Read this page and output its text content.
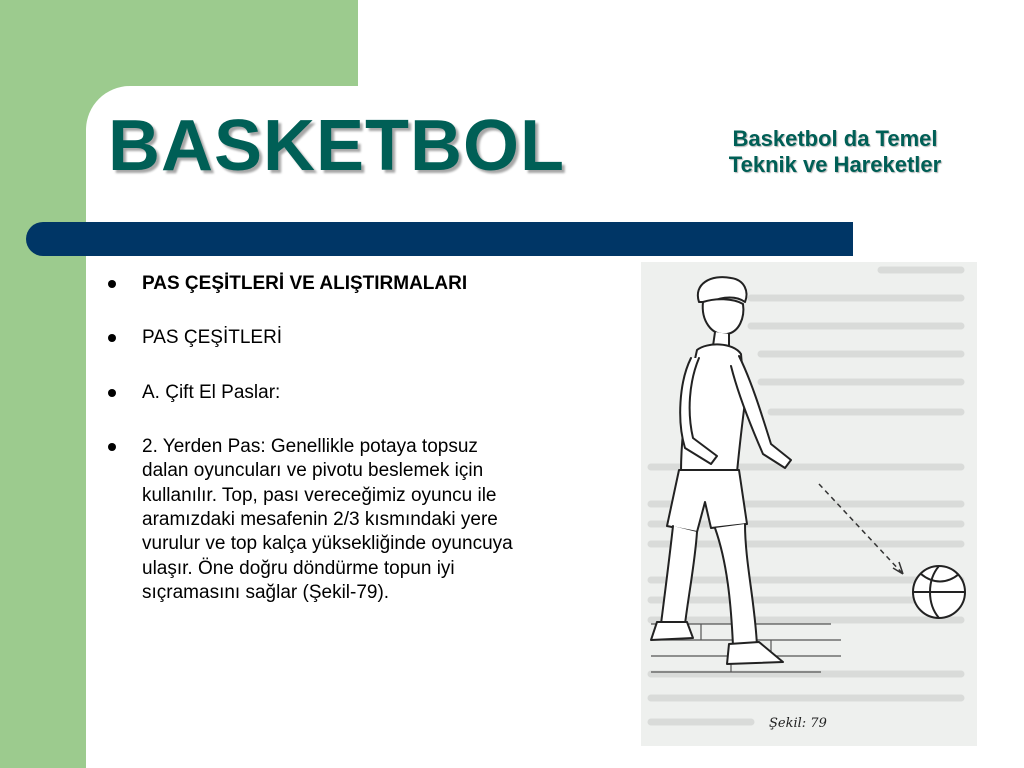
BASKETBOL	Basketbol da Temel
Teknik ve Hareketler
PAS ÇEŞİTLERİ VE ALIŞTIRMALARI
PAS ÇEŞİTLERİ
A. Çift El Paslar:
2. Yerden Pas: Genellikle potaya topsuz dalan oyuncuları ve pivotu beslemek için kullanılır. Top, pası vereceğimiz oyuncu ile aramızdaki mesafenin 2/3 kısmındaki yere vurulur ve top kalça yüksekliğinde oyuncuya ulaşır. Öne doğru döndürme topun iyi sıçramasını sağlar (Şekil-79).
Şekil: 79
